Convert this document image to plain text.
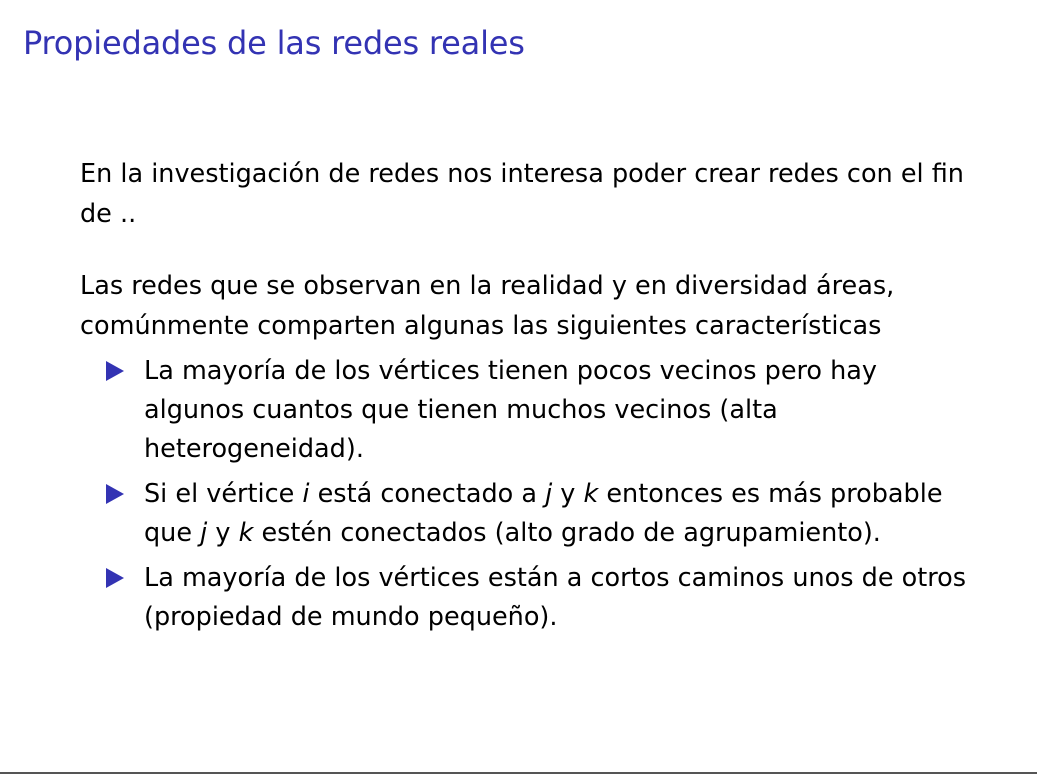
Propiedades de las redes reales

En la investigación de redes nos interesa poder crear redes con el fin de ..

Las redes que se observan en la realidad y en diversidad áreas, comúnmente comparten algunas las siguientes características

La mayoría de los vértices tienen pocos vecinos pero hay algunos cuantos que tienen muchos vecinos (alta heterogeneidad).
Si el vértice i está conectado a j y k entonces es más probable que j y k estén conectados (alto grado de agrupamiento).
La mayoría de los vértices están a cortos caminos unos de otros (propiedad de mundo pequeño).
